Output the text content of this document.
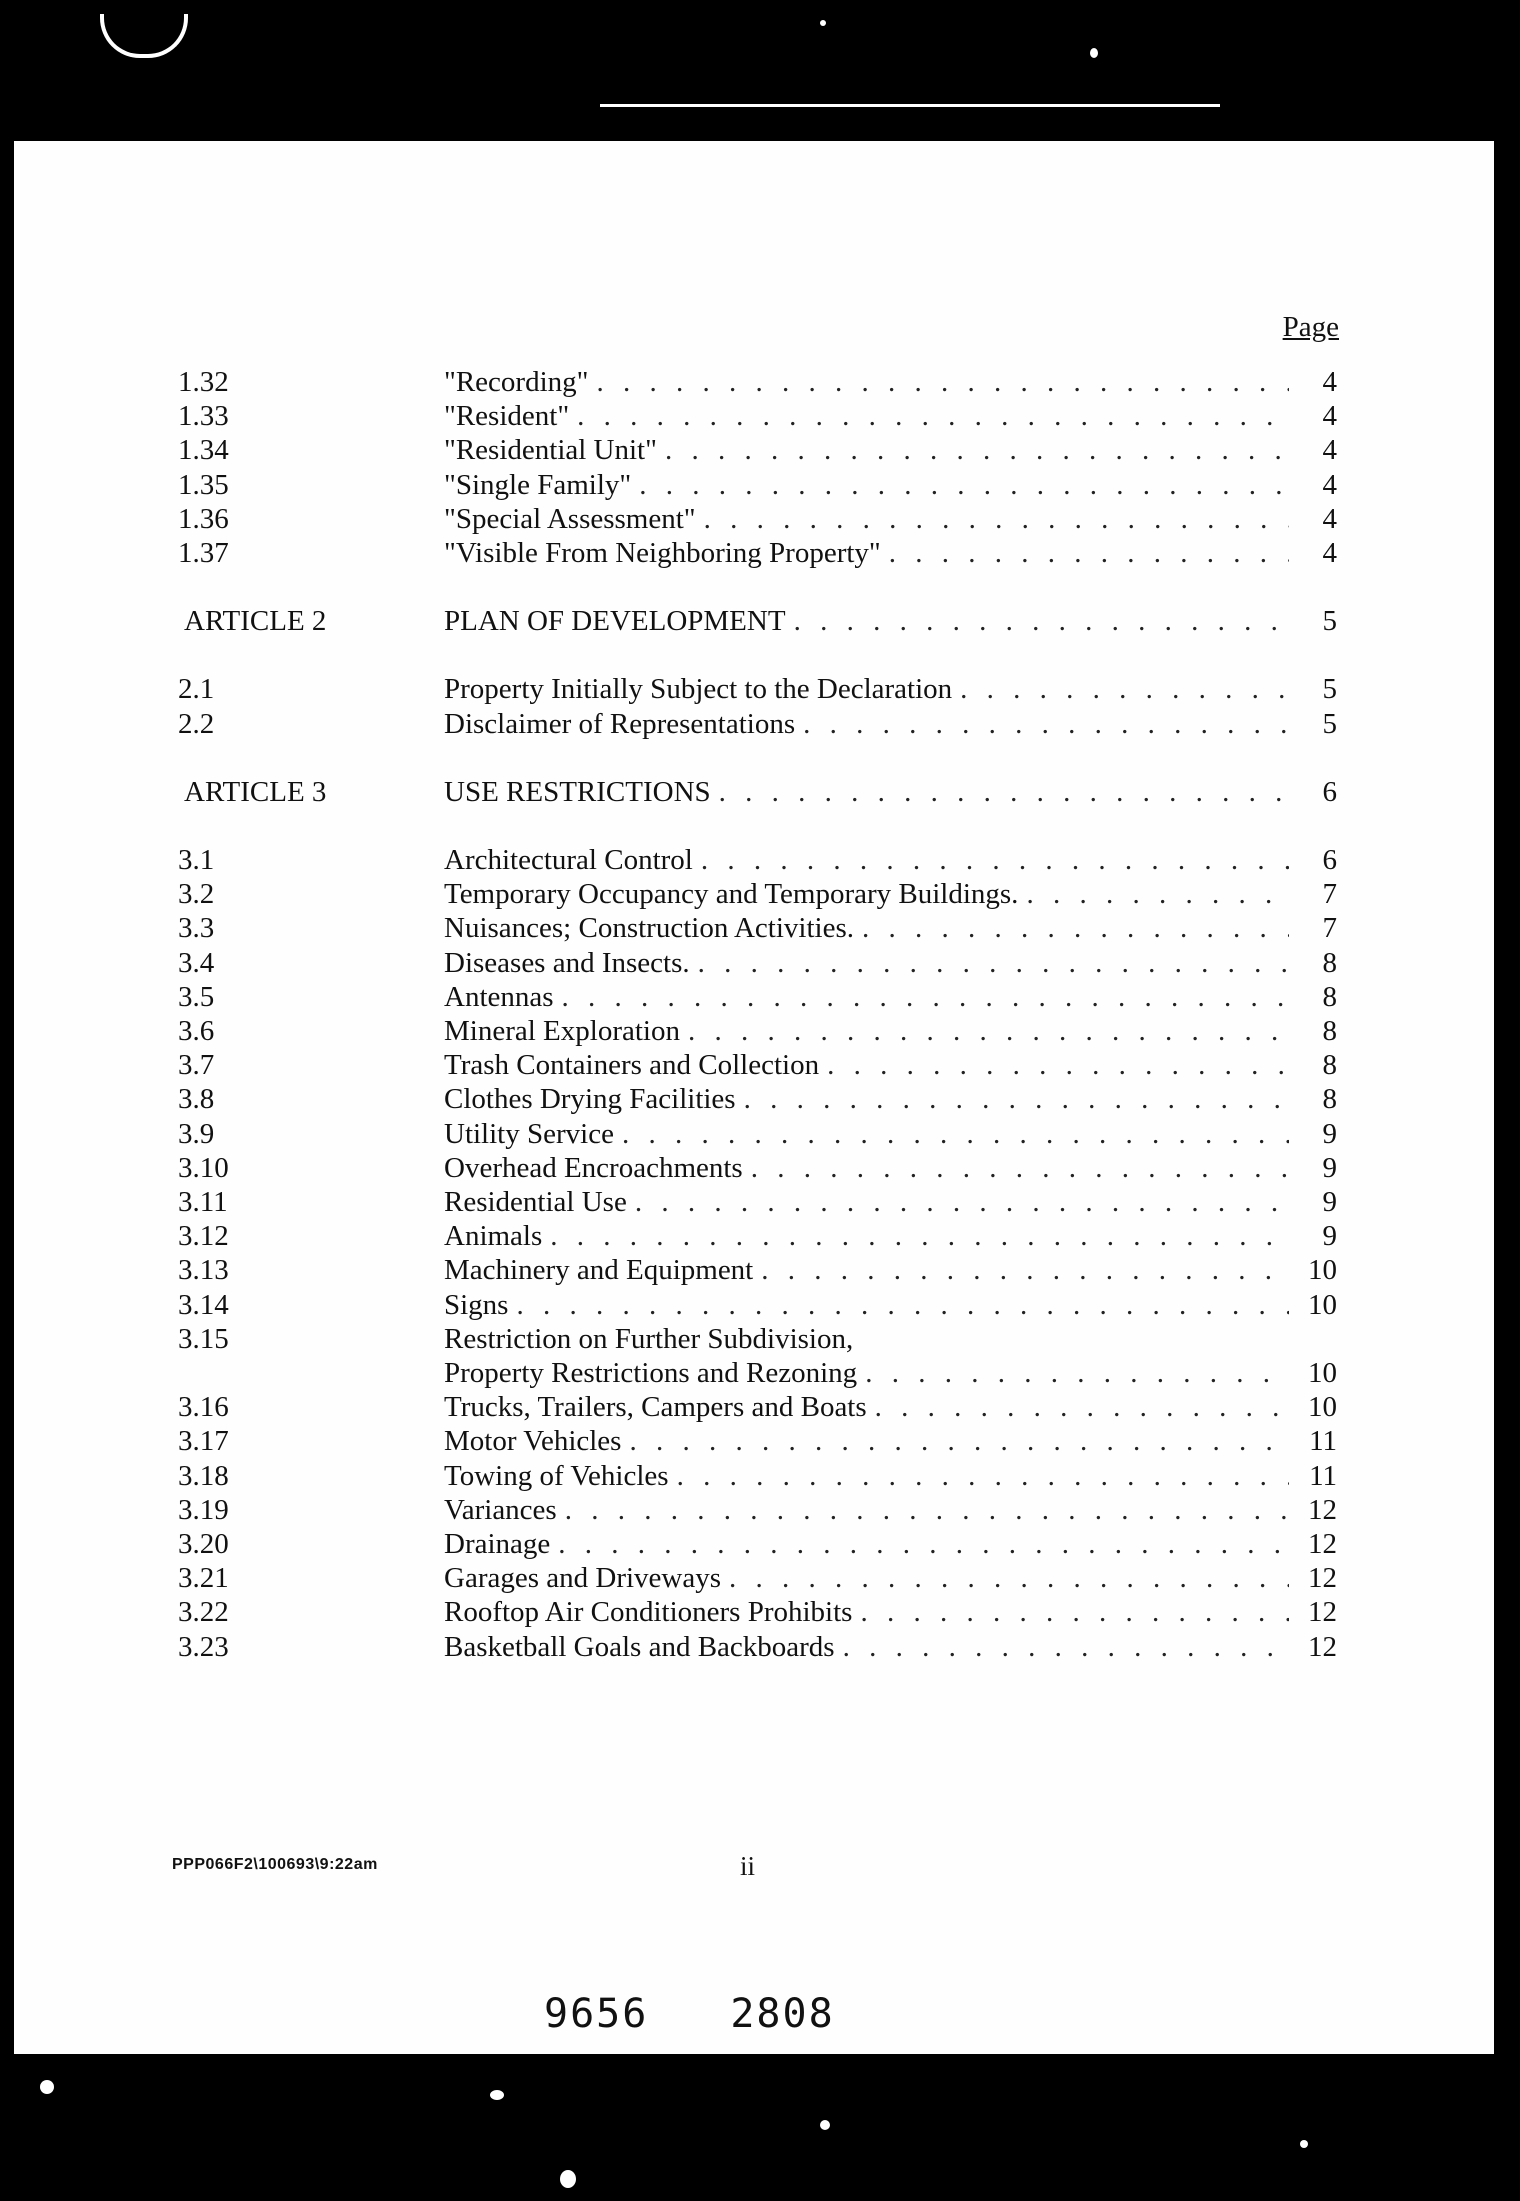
Page
1.32	"Recording" . . .	4
1.33	"Resident" . . .	4
1.34	"Residential Unit" . . .	4
1.35	"Single Family" . . .	4
1.36	"Special Assessment" . . .	4
1.37	"Visible From Neighboring Property" . . .	4
ARTICLE 2	PLAN OF DEVELOPMENT . . .	5
2.1	Property Initially Subject to the Declaration . . .	5
2.2	Disclaimer of Representations . . .	5
ARTICLE 3	USE RESTRICTIONS . . .	6
3.1	Architectural Control . . .	6
3.2	Temporary Occupancy and Temporary Buildings. . . .	7
3.3	Nuisances; Construction Activities. . . .	7
3.4	Diseases and Insects. . . .	8
3.5	Antennas . . .	8
3.6	Mineral Exploration . . .	8
3.7	Trash Containers and Collection . . .	8
3.8	Clothes Drying Facilities . . .	8
3.9	Utility Service . . .	9
3.10	Overhead Encroachments . . .	9
3.11	Residential Use . . .	9
3.12	Animals . . .	9
3.13	Machinery and Equipment . . .	10
3.14	Signs . . .	10
3.15	Restriction on Further Subdivision,
Property Restrictions and Rezoning . . .	10
3.16	Trucks, Trailers, Campers and Boats . . .	10
3.17	Motor Vehicles . . .	11
3.18	Towing of Vehicles . . .	11
3.19	Variances . . .	12
3.20	Drainage . . .	12
3.21	Garages and Driveways . . .	12
3.22	Rooftop Air Conditioners Prohibits . . .	12
3.23	Basketball Goals and Backboards . . .	12
PPP066F2\100693\9:22am	ii
9656 2808
